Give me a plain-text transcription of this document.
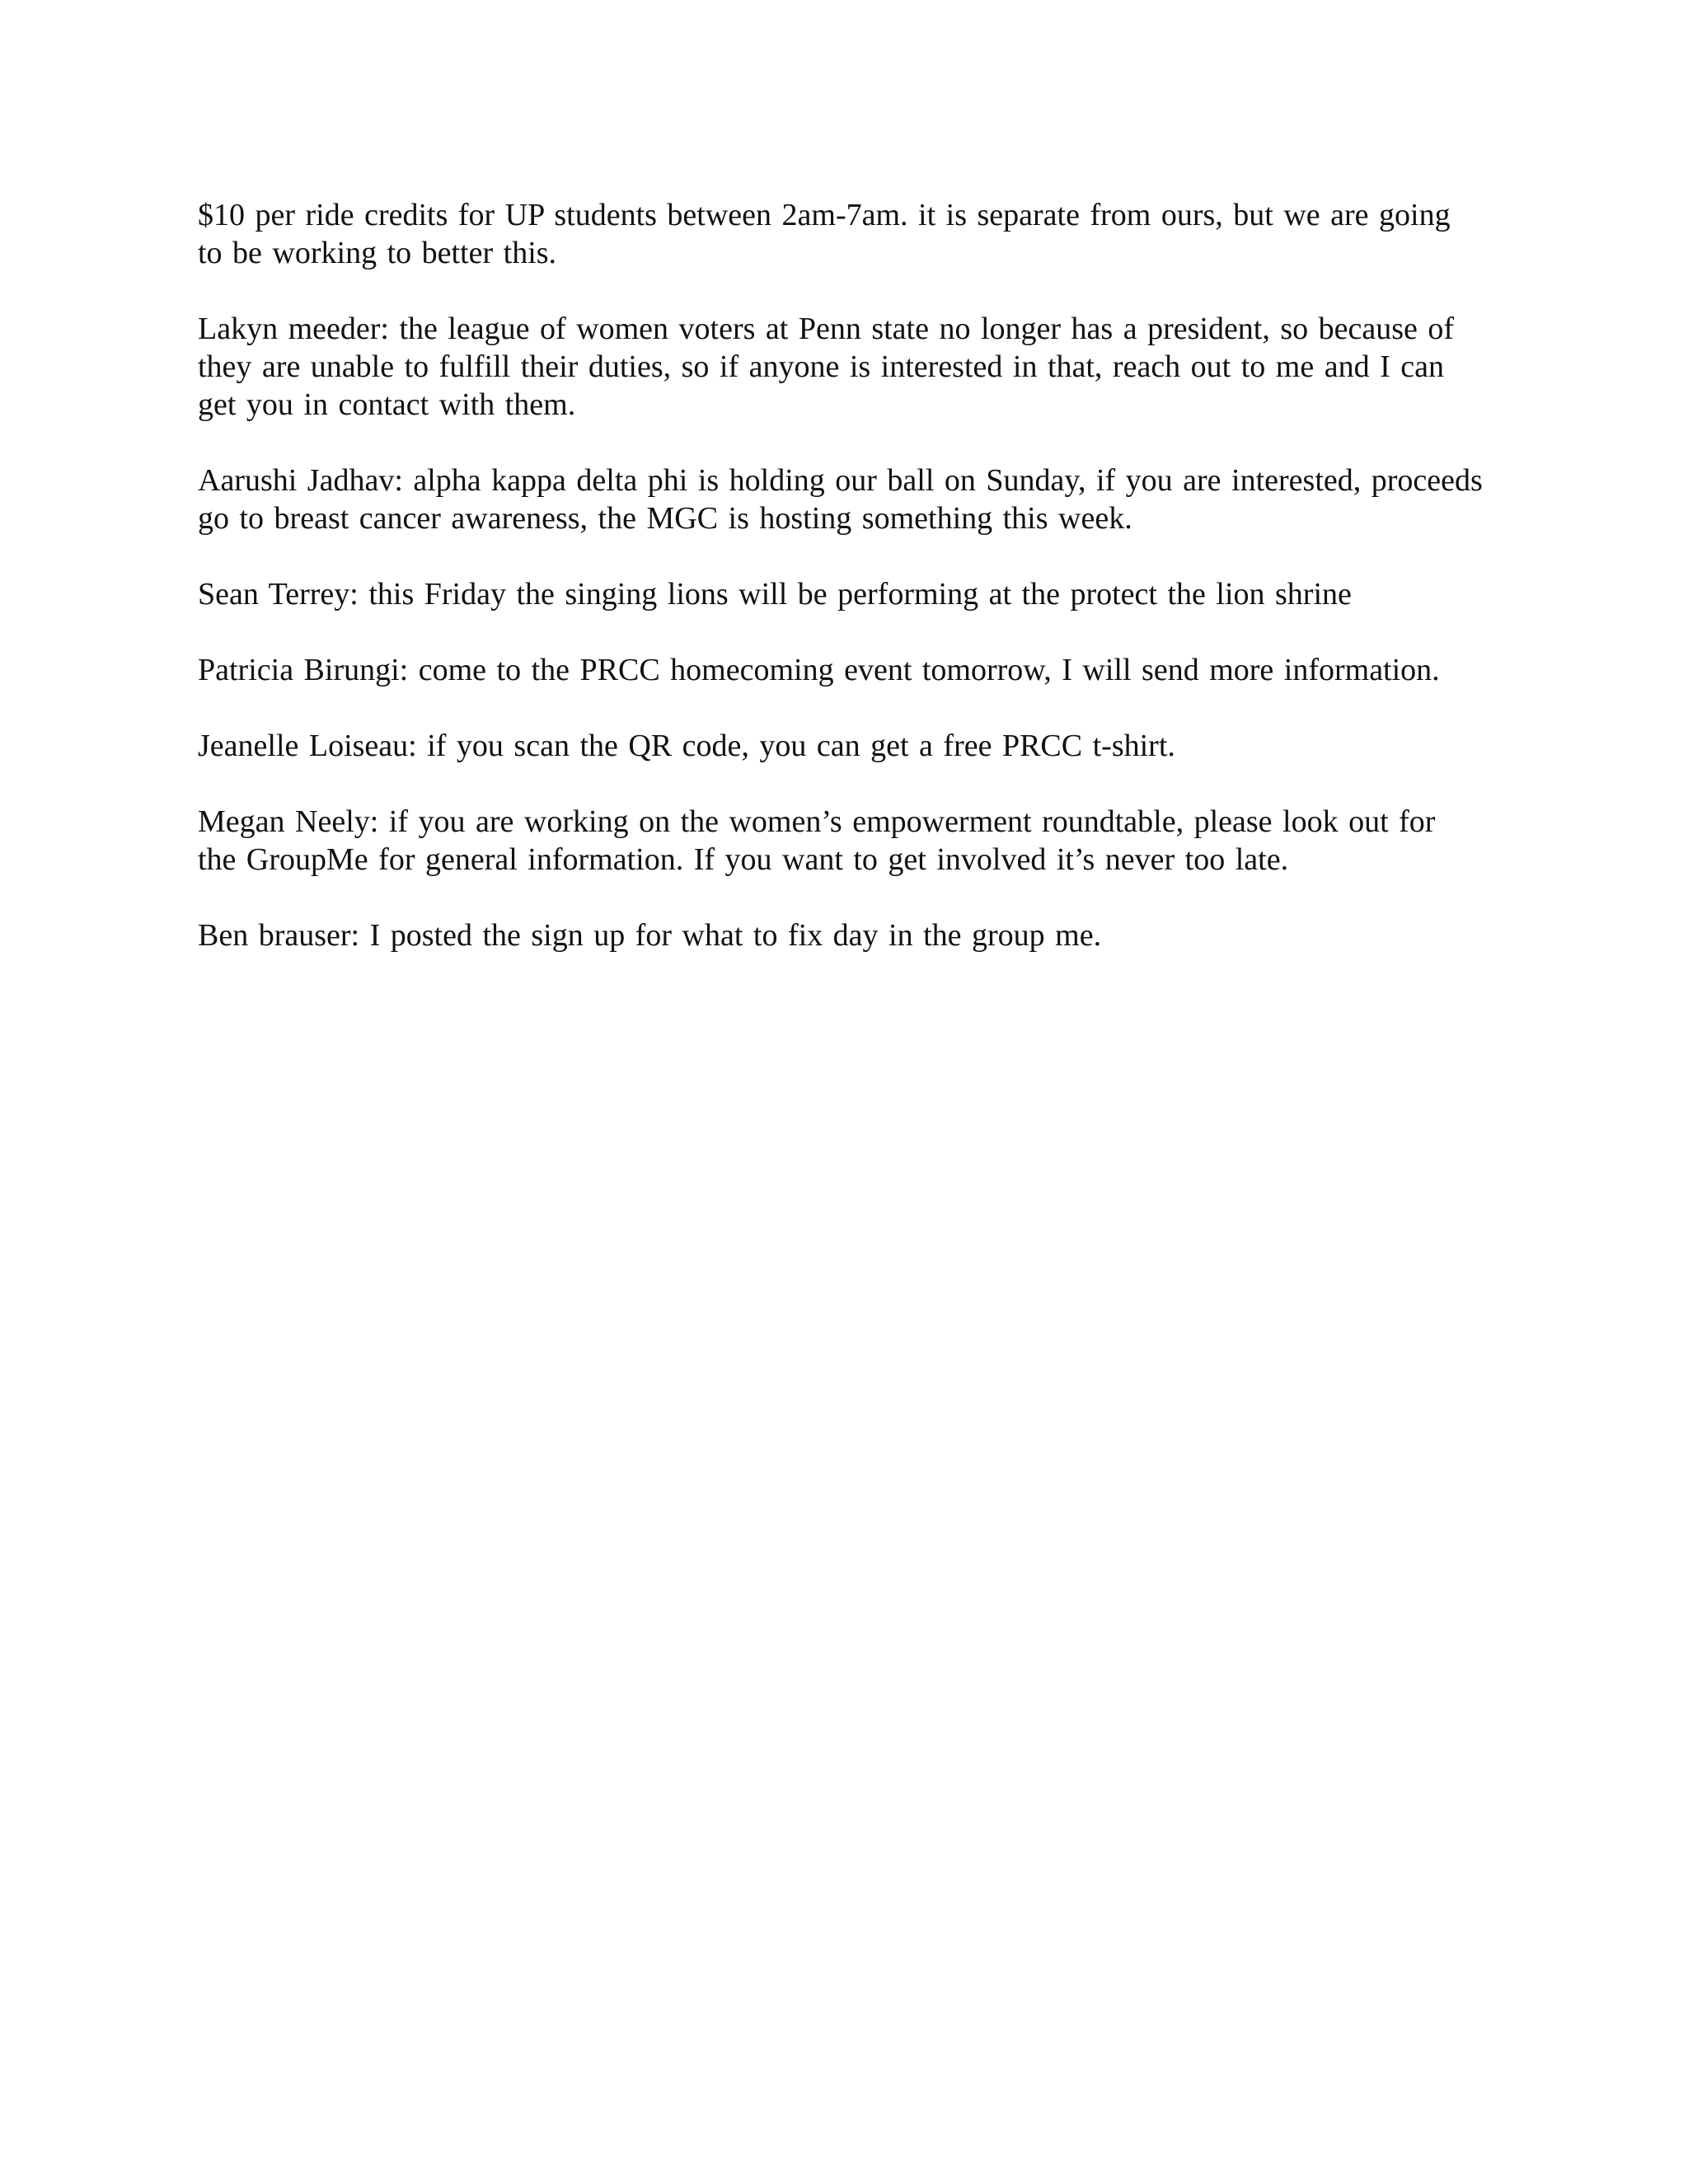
$10 per ride credits for UP students between 2am-7am. it is separate from ours, but we are going to be working to better this.

Lakyn meeder: the league of women voters at Penn state no longer has a president, so because of they are unable to fulfill their duties, so if anyone is interested in that, reach out to me and I can get you in contact with them.

Aarushi Jadhav: alpha kappa delta phi is holding our ball on Sunday, if you are interested, proceeds go to breast cancer awareness, the MGC is hosting something this week.

Sean Terrey: this Friday the singing lions will be performing at the protect the lion shrine

Patricia Birungi: come to the PRCC homecoming event tomorrow, I will send more information.

Jeanelle Loiseau: if you scan the QR code, you can get a free PRCC t-shirt.

Megan Neely: if you are working on the women’s empowerment roundtable, please look out for the GroupMe for general information. If you want to get involved it’s never too late.

Ben brauser: I posted the sign up for what to fix day in the group me.
